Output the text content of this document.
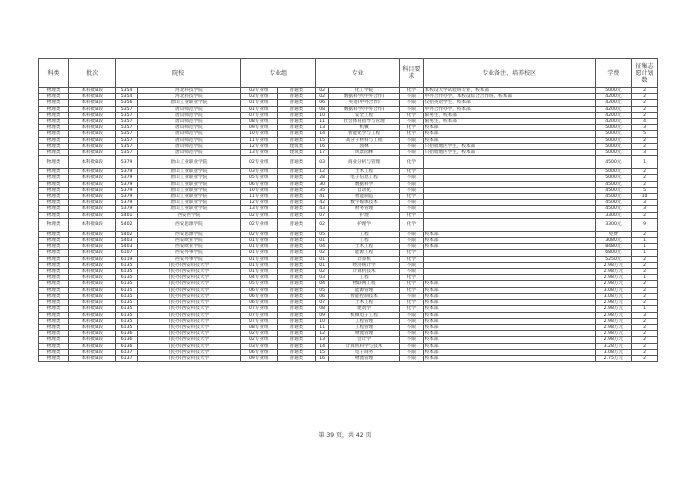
科类	批次	院校		专业组		专业		科目要求	专业备注、培养校区	学费	征集志愿计划数
物理类	本科批B段	5354	河北科技学院	03专业组	普通类	02	化工学院	化学	本校设大学试验班专业，校本部	5000元	2
物理类	本科批B段	5354	河北科技学院	03专业组	普通类	02	数据科学(中外合作)	不限	中外合作办学，本校设综合合作班，校本部	4200元	2
物理类	本科批B段	5356	唐山工业职业学院	01专业组	普通类	06	英语(中外合作)	不限	仅招英语学生，校本部	4200元	2
物理类	本科批B段	5357	唐山师范学院	01专业组	普通类	08	数据科学(中外合作)	不限	中外合作办学，校本部	4200元	2
物理类	本科批B段	5357	唐山师范学院	07专业组	普通类	10	安全工程	化学	限男生，校本部	4200元	2
物理类	本科批B段	5357	唐山师范学院	08专业组	普通类	11	社会体育指导与管理	不限	限男生，校本部	4200元	4
物理类	本科批B段	5357	唐山师范学院	09专业组	普通类	13	机械	化学	校本部	5000元	3
物理类	本科批B段	5357	唐山师范学院	10专业组	普通类	14	智能化学与工程	化学	校本部	5000元	5
物理类	本科批B段	5357	唐山师范学院	11专业组	普通类	15	高分子材料与工程	不限	校本部	5000元	2
物理类	本科批B段	5357	唐山师范学院	12专业组	建筑类	16	园林	不限	只招收地区学生，校本部	5000元	2
物理类	本科批B段	5357	唐山师范学院	13专业组	建筑类	17	风景园林	不限	只招收地区学生，校本部	5000元	3
物理类	本科批B段	5379	唐山工业职业学院	02专业组	普通类	03	商业分析与管理	化学		4500元	1
物理类	本科批B段	5379	唐山工业职业学院	03专业组	普通类	12	土木工程	化学		5000元	2
物理类	本科批B段	5379	唐山工业职业学院	05专业组	普通类	28	电子信息工程	不限		5000元	2
物理类	本科批B段	5379	唐山工业职业学院	06专业组	普通类	30	数据科学	不限		4500元	2
物理类	本科批B段	5379	唐山工业职业学院	10专业组	普通类	35	自动化	不限		4500元	5
物理类	本科批B段	5379	唐山工业职业学院	11专业组	普通类	41	智能制造	化学		4500元	10
物理类	本科批B段	5379	唐山工业职业学院	12专业组	普通类	42	数字媒体技术	不限		4500元	3
物理类	本科批B段	5379	唐山工业职业学院	13专业组	普通类	43	财务管理	不限		4500元	3
物理类	本科批B段	5401	西安医学院	02专业组	普通类	07	护理	化学		3300元	2
物理类	本科批B段	5402	西安思源学院	02专业组	普通类	02	护理学	化学		3300元	9
物理类	本科批B段	5402	西安思源学院	02专业组	普通类	05	工程	不限	校本部	免费	2
物理类	本科批B段	5403	西安欧亚学院	01专业组	普通类	01	工程	不限	校本部	3080元	1
物理类	本科批B段	5403	西安欧亚学院	01专业组	普通类	04	土木工程	不限	校本部	8480元	1
物理类	本科批B段	6107	西安外事学院	01专业组	普通类	02	能源工程	化学		6800元	1
物理类	本科批B段	6119	西安外事学院	01专业组	普通类	01	计算机	化学		5250元	2
物理类	本科批B段	6135	(民办)西安科技大学	01专业组	普通类	01	经济统计学	不限		2.98万元	2
物理类	本科批B段	6135	(民办)西安科技大学	01专业组	普通类	02	计算机技术	不限		2.98万元	2
物理类	本科批B段	6135	(民办)西安科技大学	04专业组	普通类	03	工程	化学		2.98万元	1
物理类	本科批B段	6135	(民办)西安科技大学	05专业组	普通类	04	物联网工程	化学	校本部	2.98万元	2
物理类	本科批B段	6135	(民办)西安科技大学	06专业组	普通类	05	能源管理	化学	校本部	3.08万元	2
物理类	本科批B段	6135	(民办)西安科技大学	06专业组	普通类	06	智能控制技术	不限	校本部	3.08万元	2
物理类	本科批B段	6135	(民办)西安科技大学	06专业组	普通类	07	土木工程	化学	校本部	2.98万元	2
物理类	本科批B段	6135	(民办)西安科技大学	07专业组	普通类	08	建筑学	化学	校本部	2.98万元	1
物理类	本科批B段	6135	(民办)西安科技大学	07专业组	普通类	09	机械电子工程	不限	校本部	2.98万元	3
物理类	本科批B段	6135	(民办)西安科技大学	07专业组	普通类	10	工程管理	不限	校本部	2.98万元	2
物理类	本科批B段	6135	(民办)西安科技大学	08专业组	普通类	11	工程管理	不限	校本部	2.98万元	2
物理类	本科批B段	6136	(民办)西安科技大学	02专业组	普通类	12	物流管理	不限	校本部	2.98万元	2
物理类	本科批B段	6136	(民办)西安科技大学	02专业组	普通类	13	会计学	不限	校本部	2.98万元	2
物理类	本科批B段	6136	(民办)西安科技大学	03专业组	普通类	14	计算机科学与技术	不限	校本部	3.28万元	2
物理类	本科批B段	6137	(民办)西安科技大学	06专业组	普通类	15	电子商务	不限	校本部	3.08万元	2
物理类	本科批B段	6137	(民办)西安科技大学	09专业组	普通类	16	物流管理	不限	校本部	2.75万元	2
第 39 页，共 42 页
